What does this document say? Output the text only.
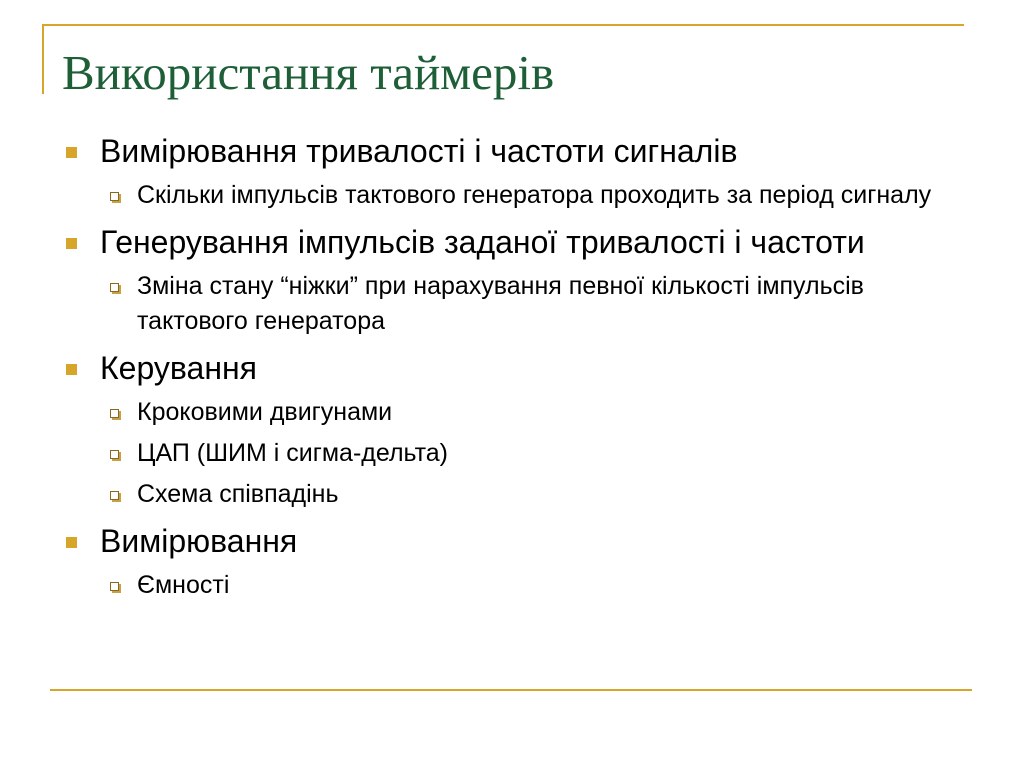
Використання таймерів
Вимірювання тривалості і частоти сигналів
Скільки імпульсів тактового генератора проходить за період сигналу
Генерування імпульсів заданої тривалості і частоти
Зміна стану “ніжки” при нарахування певної кількості імпульсів тактового генератора
Керування
Кроковими двигунами
ЦАП (ШИМ і сигма-дельта)
Схема співпадінь
Вимірювання
Ємності
